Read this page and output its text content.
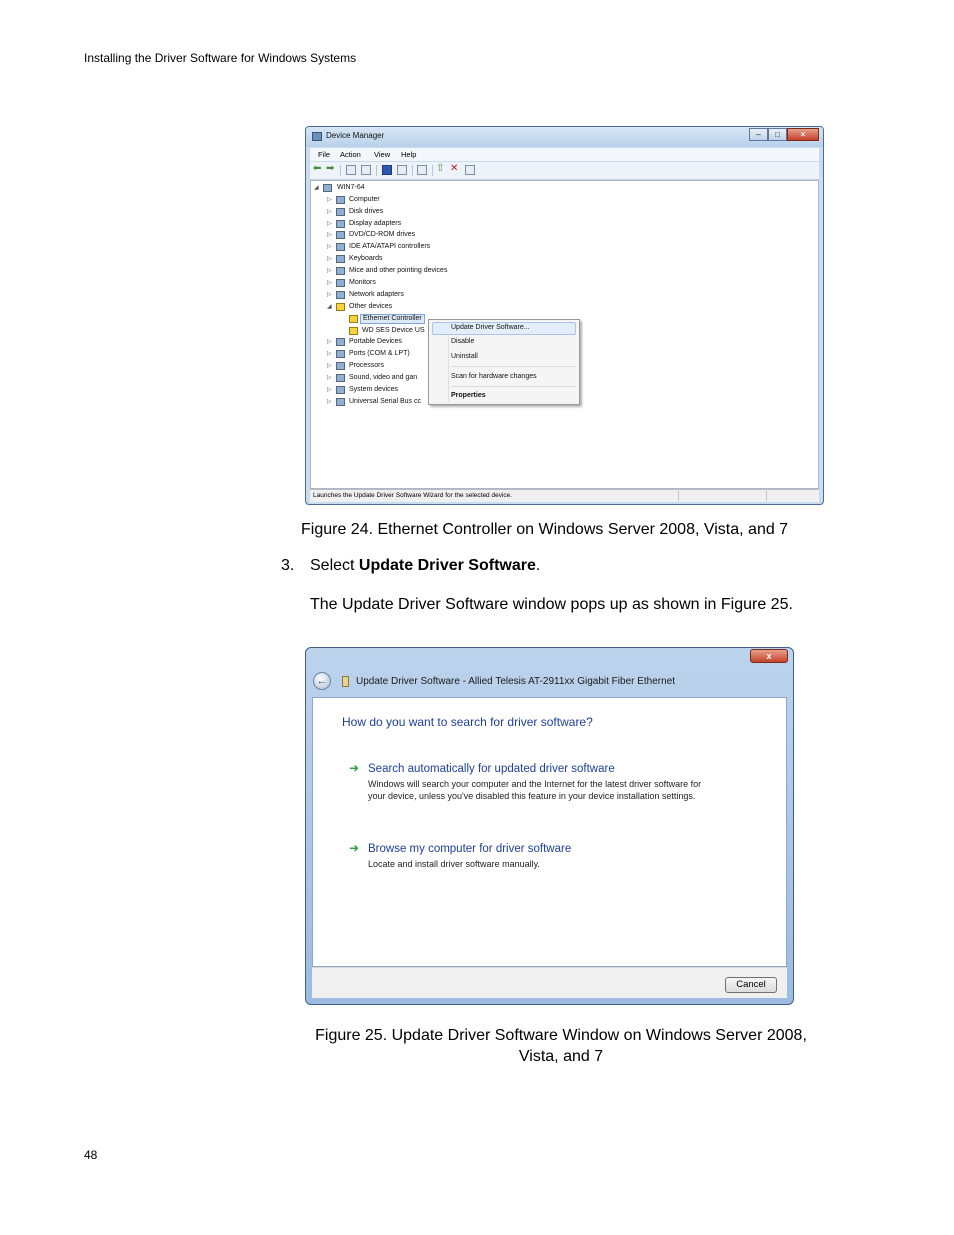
Installing the Driver Software for Windows Systems
Device Manager	–	□	×
File Action View Help
⬅ ➡	⇧ ✕
◢	WIN7-64
▷ Computer
▷ Disk drives
▷ Display adapters
▷ DVD/CD-ROM drives
▷ IDE ATA/ATAPI controllers
▷ Keyboards
▷ Mice and other pointing devices
▷ Monitors
▷ Network adapters
◢ Other devices
Ethernet Controller
WD SES Device US
▷ Portable Devices
▷ Ports (COM & LPT)
▷ Processors
▷ Sound, video and gan
▷ System devices
▷ Universal Serial Bus cc
Launches the Update Driver Software Wizard for the selected device.
Update Driver Software...
Disable
Uninstall
Scan for hardware changes
Properties
Figure 24. Ethernet Controller on Windows Server 2008, Vista, and 7
3. Select Update Driver Software.
The Update Driver Software window pops up as shown in Figure 25.
x
←	Update Driver Software - Allied Telesis AT-2911xx Gigabit Fiber Ethernet
How do you want to search for driver software?
➜ Search automatically for updated driver software
Windows will search your computer and the Internet for the latest driver software for your device, unless you've disabled this feature in your device installation settings.
➜ Browse my computer for driver software
Locate and install driver software manually.
Cancel
Figure 25. Update Driver Software Window on Windows Server 2008,
Vista, and 7
48
